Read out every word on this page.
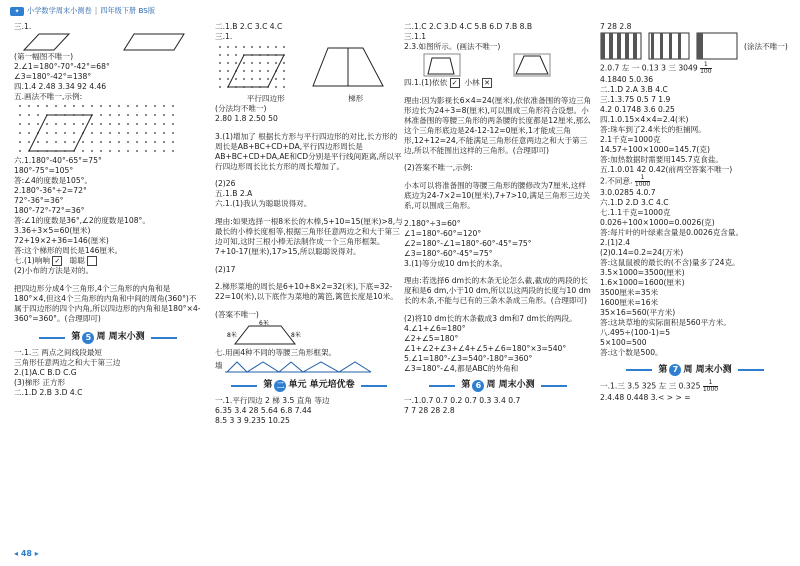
✦	小学数学周末小测卷 | 四年级下册 BS版

三.1.

(第一幅图不唯一)

2.∠1=180°-70°-42°=68°

∠3=180°-42°=138°

四.1.4 2.48 3.34 92 4.46

五.画法不唯一,示例:

六.1.180°-40°-65°=75°

180°-75°=105°

答:∠4的度数是105°。

2.180°-36°÷2=72°

72°-36°=36°

180°-72°-72°=36°

答:∠1的度数是36°,∠2的度数是108°。

3.36÷3×5=60(厘米)

72+19×2+36=146(厘米)

答:这个梯形的周长是146厘米。

七.(1)响响 ✓ 聪聪

(2)小布的方法是对的。

把四边形分成4个三角形,4个三角形的内角和是180°×4,但这4个三角形的内角和中间的周角(360°)不属于四边形的四个内角,所以四边形的内角和是180°×4-360°=360°。(合理即可)

第 5 周 周末小测

一.1.三 两点之间线段最短

三角形任意两边之和大于第三边

2.(1)A.C B.D C.G

(3)梯形 正方形

二.1.D 2.B 3.D 4.C

二.1.B 2.C 3.C 4.C

三.1.

平行四边形	梯形

(分法均不唯一)

2.80 1.8 2.50 50

3.(1)增加了 根据长方形与平行四边形的对比,长方形的周长是AB+BC+CD+DA,平行四边形周长是AB+BC+CD+DA,AE和CD分别是平行线间距离,所以平行四边形周长比长方形的周长增加了。

(2)26

五.1.B 2.A

六.1.(1)我认为聪聪说得对。

理由:如果选择一根8米长的木棒,5+10=15(厘米)>8,与最长的小棒长度相等,根据三角形任意两边之和大于第三边可知,这时三根小棒无法制作成一个三角形框架。7+10-17(厘米),17>15,所以聪聪说得对。

(2)17

2.梯形菜地的周长是6+10+8×2=32(米),下底=32-22=10(米),以下底作为菜地的篱笆,篱笆长度是10米。

(答案不唯一)

6米
8米	8米

七.用画4种不同的等腰三角形框架。

墙
第 二 单元 单元培优卷

一.1.平行四边 2 梯 3.5 直角 等边

6.35 3.4 28 5.64 6.8 7.44

8.5 3 3 9.235 10.25

二.1.C 2.C 3.D 4.C 5.B 6.D 7.B 8.B

三.1.1

2.3.如图所示。(画法不唯一)

四.1.(1)依依 ✓ 小林 ✕

理由:因为影视长6×4=24(厘米),依依准备围的等边三角形边长为24÷3=8(厘米),可以围成三角形符合设想。小林准备围的等腰三角形的两条腰的长度都是12厘米,那么这个三角形底边是24-12-12=0厘米,1才能成三角形,12+12=24,不能满足三角形任意两边之和大于第三边,所以不能围出这样的三角形。(合理即可)

(2)答案不唯一,示例:

小本可以将准备围的等腰三角形的腰修改为7厘米,这样底边为24-7×2=10(厘米),7+7>10,满足三角形三边关系,可以围成三角形。

2.180°÷3=60°

∠1=180°-60°=120°

∠2=180°-∠1=180°-60°-45°=75°

∠3=180°-60°-45°=75°

3.(1)等分成10 dm长的木条。

理由:若选择6 dm长的木条无论怎么截,截成的两段的长度和是6 dm,小于10 dm,所以以这两段的长度与10 dm长的木条,不能与已有的三条木条成三角形。(合理即可)

(2)将10 dm长的木条截成3 dm和7 dm长的两段。

4.∠1+∠6=180°

∠2+∠5=180°

∠1+∠2+∠3+∠4+∠5+∠6=180°×3=540°

5.∠1=180°-∠3=540°-180°=360°

∠3=180°-∠4,都是ABC的外角和

第 6 周 周末小测

一.1.0.7 0.7 0.2 0.7 0.3 3.4 0.7

7 7 28 28 2.8

7 28 2.8

(涂法不唯一)

2.0.7 左 一 0.13 3 三 $3049 \frac{1}{100}$

4.1840 5.0.36

二.1.D 2.A 3.B 4.C

三.1.3.75 0.5 7 1.9

4.2 0.1748 3.6 0.25

四.1.0.15×4×4=2.4(米)

答:珠车到了2.4米长的拒捕网。

2.1千克=1000克

14.57÷100×1000=145.7(克)

答:加热数据时需要用145.7克食盐。

五.1.0.01 42 0.42(前两空答案不唯一)

2.不同意. $\frac{1}{1000}$

3.0.0285 4.0.7

六.1.D 2.D 3.C 4.C

七.1.1千克=1000克

0.026÷100×1000=0.0026(克)

答:每片叶的叶绿素含量是0.0026克含量。

2.(1)2.4

(2)0.14=0.2=24(万米)

答:这鼠鼠被的最长的(不含)量多了24克。

3.5×1000=3500(厘米)

1.6×1000=1600(厘米)

3500厘米=35米

1600厘米=16米

35×16=560(平方米)

答:这块草地的实际面积是560平方米。

八.495÷(100-1)=5

5×100=500

答:这个数是500。

第 7 周 周末小测

一.1.三 3.5 325 左 三 $0.325 \frac{1}{1000}$

2.4.48 0.448 3.< > > =

◂ 48 ▸
